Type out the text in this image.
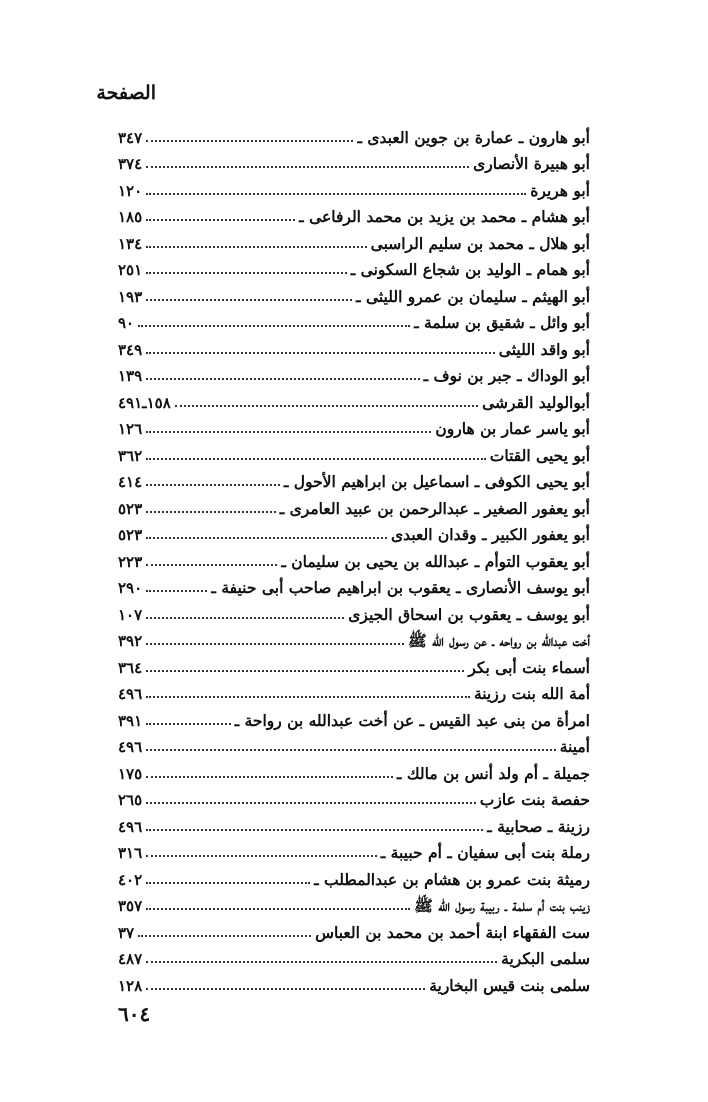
الصفحة
أبو هارون ـ عمارة بن جوين العبدى ـ
٣٤٧
أبو هبيرة الأنصارى
٣٧٤
أبو هريرة
١٢٠
أبو هشام ـ محمد بن يزيد بن محمد الرفاعى ـ
١٨٥
أبو هلال ـ محمد بن سليم الراسبى
١٣٤
أبو همام ـ الوليد بن شجاع السكونى ـ
٢٥١
أبو الهيثم ـ سليمان بن عمرو الليثى ـ
١٩٣
أبو وائل ـ شقيق بن سلمة ـ
٩٠
أبو واقد الليثى
٣٤٩
أبو الوداك ـ جبر بن نوف ـ
١٣٩
أبوالوليد القرشى
١٥٨ـ٤٩١
أبو ياسر عمار بن هارون
١٢٦
أبو يحيى القتات
٣٦٢
أبو يحيى الكوفى ـ اسماعيل بن ابراهيم الأحول ـ
٤١٤
أبو يعفور الصغير ـ عبدالرحمن بن عبيد العامرى ـ
٥٢٣
أبو يعفور الكبير ـ وقدان العبدى
٥٢٣
أبو يعقوب التوأم ـ عبدالله بن يحيى بن سليمان ـ
٢٢٣
أبو يوسف الأنصارى ـ يعقوب بن ابراهيم صاحب أبى حنيفة ـ
٢٩٠
أبو يوسف ـ يعقوب بن اسحاق الجيزى
١٠٧
أخت عبدالله بن رواحه ـ عن رسول الله ﷺ
٣٩٢
أسماء بنت أبى بكر
٣٦٤
أمة الله بنت رزينة
٤٩٦
امرأة من بنى عبد القيس ـ عن أخت عبدالله بن رواحة ـ
٣٩١
أمينة
٤٩٦
جميلة ـ أم ولد أنس بن مالك ـ
١٧٥
حفصة بنت عازب
٢٦٥
رزينة ـ صحابية ـ
٤٩٦
رملة بنت أبى سفيان ـ أم حبيبة ـ
٣١٦
رميثة بنت عمرو بن هشام بن عبدالمطلب ـ
٤٠٢
زينب بنت أم سلمة ـ ربيبة رسول الله ﷺ
٣٥٧
ست الفقهاء ابنة أحمد بن محمد بن العباس
٣٧
سلمى البكرية
٤٨٧
سلمى بنت قيس البخارية
١٢٨
٦٠٤
